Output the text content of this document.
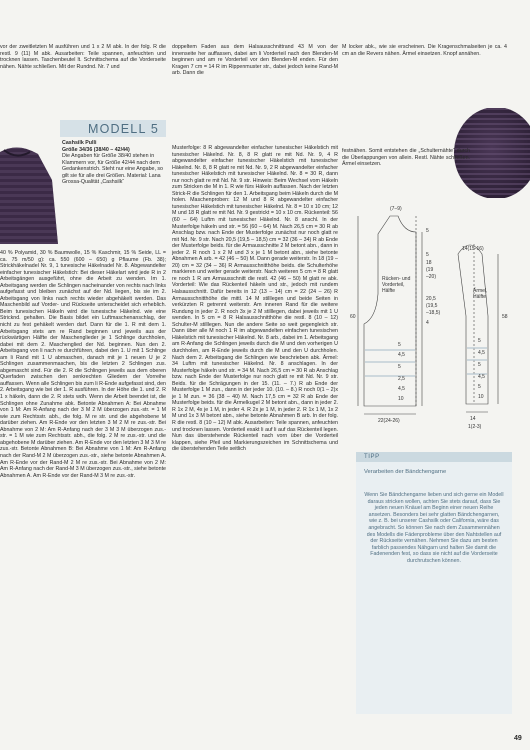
vor der zweitletzten M ausführen und 1 x 2 M abk. In der folg. R die restl. 9 (11) M abk. Ausarbeiten: Teile spannen, anfeuchten und trocknen lassen. Taschenbeutel lt. Schnittschema auf die Vorderseite nähen. Nähte schließen. Mit der Rundnd. Nr. 7 und

MODELL 5
Cashsilk Pulli
Größe 34/36 (38/40 – 42/44)
Die Angaben für Größe 38/40 stehen in Klammern vor, für Größe 42/44 nach dem Gedankenstrich. Steht nur eine Angabe, so gilt sie für alle drei Größen. Material: Lana Grossa-Qualität „Cashsilk“

40 % Polyamid, 30 % Baumwolle, 15 % Kaschmir, 15 % Seide, LL = ca. 75 m/50 g): ca. 550 (600 – 650) g Pflaume (Fb. 38); Strickhäkelnadel Nr. 9, 1 tunesische Häkelnadel Nr. 8. Abgewandelter einfacher tunesischer Häkelstich: Bei dieser Häkelart wird jede R in 2 Arbeitsgängen ausgeführt, ohne die Arbeit zu wenden. Im 1. Arbeitsgang werden die Schlingen nacheinander von rechts nach links aufgefasst und bleiben zunächst auf der Nd. liegen, bis sie im 2. Arbeitsgang von links nach rechts wieder abgehäkelt werden. Das Maschenbild auf Vorder- und Rückseite unterscheidet sich erheblich. Beim tunesischen Häkeln wird die tunesische Häkelnd. wie eine Stricknd. gehalten. Die Basis bildet ein Luftmaschenanschlag, der nicht zu fest gehäkelt werden darf. Dann für die 1. R mit dem 1. Arbeitsgang stets am re Rand beginnen und jeweils aus der rückwärtigen Hälfte der Maschenglieder je 1 Schlinge durchholen, dabei mit dem 2. Maschenglied der Nd. beginnen. Nun den 2. Arbeitsgang von li nach re durchführen, dabei den 1. U mit 1 Schlinge am li Rand mit 1 U abmaschen, danach mit je 1 neuen U je 2 Schlingen zusammenmaschen, bis die letzten 2 Schlingen zus. abgemascht sind. Für die 2. R die Schlingen jeweils aus dem oberen Querfaden zwischen den senkrechten Gliedern der Vorreihe auffassen. Wenn alle Schlingen bis zum li R-Ende aufgefasst sind, den 2. Arbeitsgang wie bei der 1. R ausführen. In der Höhe die 1. und 2. R 1 x häkeln, dann die 2. R stets wdh. Wenn die Arbeit beendet ist, die Schlingen ohne Zunahme abk. Betonte Abnahmen A: Bei Abnahme von 1 M: Am R-Anfang nach der 3 M 2 M überzogen zus.-str. = 1 M wie zum Rechtsstr. abh., die folg. M re str. und die abgehobene M darüber ziehen. Am R-Ende vor den letzten 3 M 2 M re zus.-str. Bei Abnahme von 2 M: Am R-Anfang nach der 3 M 3 M überzogen zus.-str. = 1 M wie zum Rechtsstr. abh., die folg. 2 M re zus.-str. und die abgehobene M darüber ziehen. Am R-Ende vor den letzten 3 M 3 M re zus.-str. Betonte Abnahmen B: Bei Abnahme von 1 M: Am R-Anfang nach der Rand-M 2 M überzogen zus.-str., siehe betonte Abnahmen A. Am R-Ende vor der Rand-M 2 M re zus.-str. Bei Abnahme von 2 M: Am R-Anfang nach der Rand-M 3 M überzogen zus.-str., siehe betonte Abnahmen A. Am R-Ende vor der Rand-M 3 M re zus.-str.

doppeltem Faden aus dem Halsausschnittrand 43 M von der innenseite her auffassen, dabei am li Vorderteil nach den Blenden-M beginnen und am re Vorderteil vor den Blenden-M enden. Für den Kragen 7 cm = 14 R im Rippenmuster str., dabei jedoch keine Rand-M arb. Dann die

Musterfolge: 8 R abgewandelter einfacher tunesischer Häkelstich mit tunesischer Häkelnd. Nr. 8, 8 R glatt re mit Nd. Nr. 9, 4 R abgewandelter einfacher tunesischer Häkelstich mit tunesischer Häkelnd. Nr. 8, 8 R glatt re mit Nd. Nr. 9, 2 R abgewandelter einfacher tunesischer Häkelstich mit tunesischer Häkelnd. Nr. 8 = 30 R, dann nur noch glatt re mit Nd. Nr. 9 str. Hinweis: Beim Wechsel vom Häkeln zum Stricken die M in 1. R wie fürs Häkeln auffassen. Nach der letzten Strick-R die Schlingen für den 1. Arbeitsgang beim Häkeln durch die M holen. Maschenproben: 12 M und 8 R abgewandelter einfacher tunesischer Häkelstich mit tunesischer Häkelnd. Nr. 8 = 10 x 10 cm; 12 M und 18 R glatt re mit Nd. Nr. 9 gestrickt = 10 x 10 cm. Rückenteil: 56 (60 – 64) Luftm mit tunesischer Häkelnd. Nr. 8 anschl. In der Musterfolge häkeln und str. = 56 (60 – 64) M. Nach 26,5 cm = 30 R ab Anschlag bzw. nach Ende der Musterfolge zunächst nur noch glatt re mit Nd. Nr. 9 str. Nach 20,5 (19,5 – 18,5) cm = 32 (36 – 34) R ab Ende der Musterfolge beids. für die Armausschnitte 2 M betont abn., dann in jeder 2. R noch 1 x 2 M und 3 x je 1 M betont abn., siehe betonte Abnahmen A arb. = 42 (46 – 50) M. Dann gerade weiterstr. In 18 (19 – 20) cm = 32 (34 – 36) R Armausschnitthöhe beids. die Schulterhöhe markieren und weiter gerade weiterstr. Nach weiteren 5 cm = 8 R glatt re noch 1 R am Armausschnitt die restl. 42 (46 – 50) M glatt re abk. Vorderteil: Wie das Rückenteil häkeln und str., jedoch mit rundem Halsausschnitt. Dafür bereits in 12 (13 – 14) cm = 22 (24 – 26) R Armausschnitthöhe die mittl. 14 M stilllegen und beide Seiten in verkürzten R getrennt weiterstr. Am inneren Rand für die weitere Rundung in jeder 2. R noch 3x je 2 M stilllegen, dabei jeweils mit 1 U wenden. In 5 cm = 8 R Halsausschnitthöhe die restl. 8 (10 – 12) Schulter-M stilllegen. Nun die andere Seite so weit gegengleich str. Dann über alle M noch 1 R im abgewandelten einfachen tunesischen Häkelstich mit tunesischer Häkelnd. Nr. 8 arb., dabei im 1. Arbeitsgang am R-Anfang die Schlingen jeweils durch die M und den vorherigen U durchholen, am R-Ende jeweils durch die M und den U durchholen. Nach dem 2. Arbeitsgang die Schlingen wie beschrieben abk. Ärmel: 34 Luftm mit tunesischer Häkelnd. Nr. 8 anschlagen. In der Musterfolge häkeln und str. = 34 M. Nach 26,5 cm = 30 R ab Anschlag bzw. nach Ende der Musterfolge nur noch glatt re mit Nd. Nr. 9 str. Beids. für die Schrägungen in der 15. (11. – 7.) R ab Ende der Musterfolge 1 M zun., dann in der jeder 10. (10. – 8.) R noch 0(1 – 2)x je 1 M zun. = 36 (38 – 40) M. Nach 17,5 cm = 32 R ab Ende der Musterfolge beids. für die Ärmelkugel 2 M betont abn., dann in jeder 2. R 1x 2 M, 4x je 1 M, in jeder 4. R 2x je 1 M, in jeder 2. R 1x 1 M, 1x 2 M und 1x 3 M betont abn., siehe betonte Abnahmen B arb. In der folg. R die restl. 8 (10 – 12) M abk. Ausarbeiten: Teile spannen, anfeuchten und trocknen lassen. Vorderteil exakt li auf li auf das Rückenteil legen. Nun das überstehende Rückenteil nach vorn über die Vorderteil klappen, siehe Pfeil und Markierungszeichen im Schnittschema und die überstehenden Teile seitlich

M locker abk., wie sie erscheinen. Die Kragenschmalseiten je ca. 4 cm an die Revers nähen. Ärmel einsetzen. Knopf annähen.

festnähen. Somit entstehen die „Schulternähte“ durch die Überlappungen von allein. Restl. Nähte schließen. Ärmel einsetzen.

(7–9)
Rücken- und Vorderteil, Hälfte	Ärmel, Hälfte
60	58
22(24-26)
14(15-16)
14
1(2-3)
5
20,5
(19,5
–18,5)
18
(19
–20)
4
5
5
4,5
5
2,5
4,5
10
5
4,5
5
4,5
5
10
TIPP
Verarbeiten der Bändchengarne
Wenn Sie Bändchengarne lieben und sich gerne ein Modell daraus stricken wollen, achten Sie stets darauf, dass Sie jeden neuen Knäuel am Beginn einer neuen Reihe ansetzen. Besonders bei sehr glatten Bändchengarnen, wie z. B. bei unserer Cashsilk oder California, wäre das angebracht. So können Sie nach dem Zusammennähen des Modells die Fädenprobleme über den Nahtstellen auf der Rückseite vernähen. Nehmen Sie dazu am besten farblich passendes Nähgarn und halten Sie damit die Fadenenden fest, so dass sie nicht auf die Vorderseite durchrutschen können.
49
